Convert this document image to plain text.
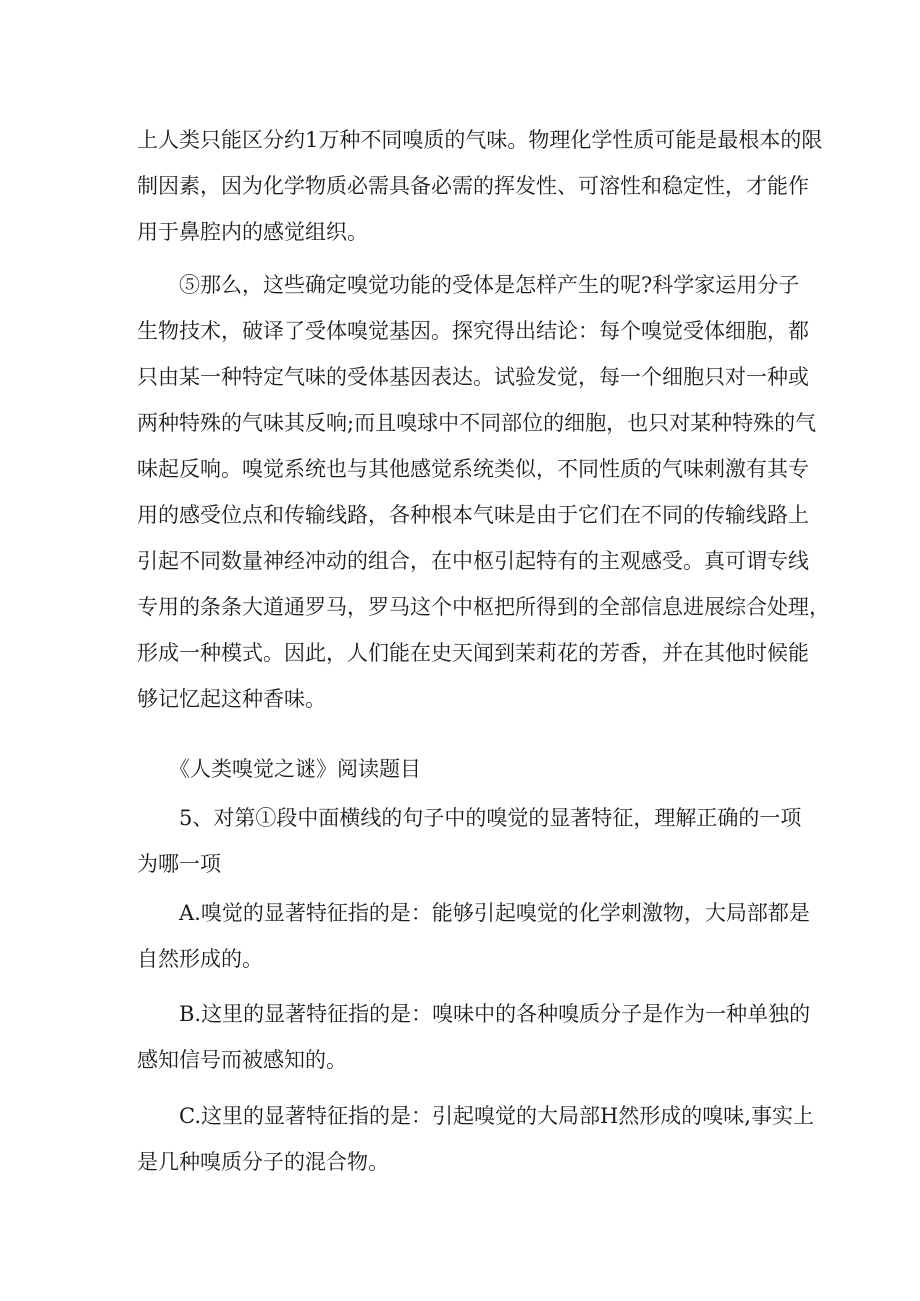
上人类只能区分约1万种不同嗅质的气味。物理化学性质可能是最根本的限
制因素，因为化学物质必需具备必需的挥发性、可溶性和稳定性，才能作
用于鼻腔内的感觉组织。
⑤那么，这些确定嗅觉功能的受体是怎样产生的呢?科学家运用分子
生物技术，破译了受体嗅觉基因。探究得出结论：每个嗅觉受体细胞，都
只由某一种特定气味的受体基因表达。试验发觉，每一个细胞只对一种或
两种特殊的气味其反响;而且嗅球中不同部位的细胞，也只对某种特殊的气
味起反响。嗅觉系统也与其他感觉系统类似，不同性质的气味刺激有其专
用的感受位点和传输线路，各种根本气味是由于它们在不同的传输线路上
引起不同数量神经冲动的组合，在中枢引起特有的主观感受。真可谓专线
专用的条条大道通罗马，罗马这个中枢把所得到的全部信息进展综合处理，
形成一种模式。因此，人们能在史天闻到茉莉花的芳香，并在其他时候能
够记忆起这种香味。
《人类嗅觉之谜》阅读题目
5、对第①段中面横线的句子中的嗅觉的显著特征，理解正确的一项
为哪一项
A.嗅觉的显著特征指的是：能够引起嗅觉的化学刺激物，大局部都是
自然形成的。
B.这里的显著特征指的是：嗅味中的各种嗅质分子是作为一种单独的
感知信号而被感知的。
C.这里的显著特征指的是：引起嗅觉的大局部H然形成的嗅味,事实上
是几种嗅质分子的混合物。
